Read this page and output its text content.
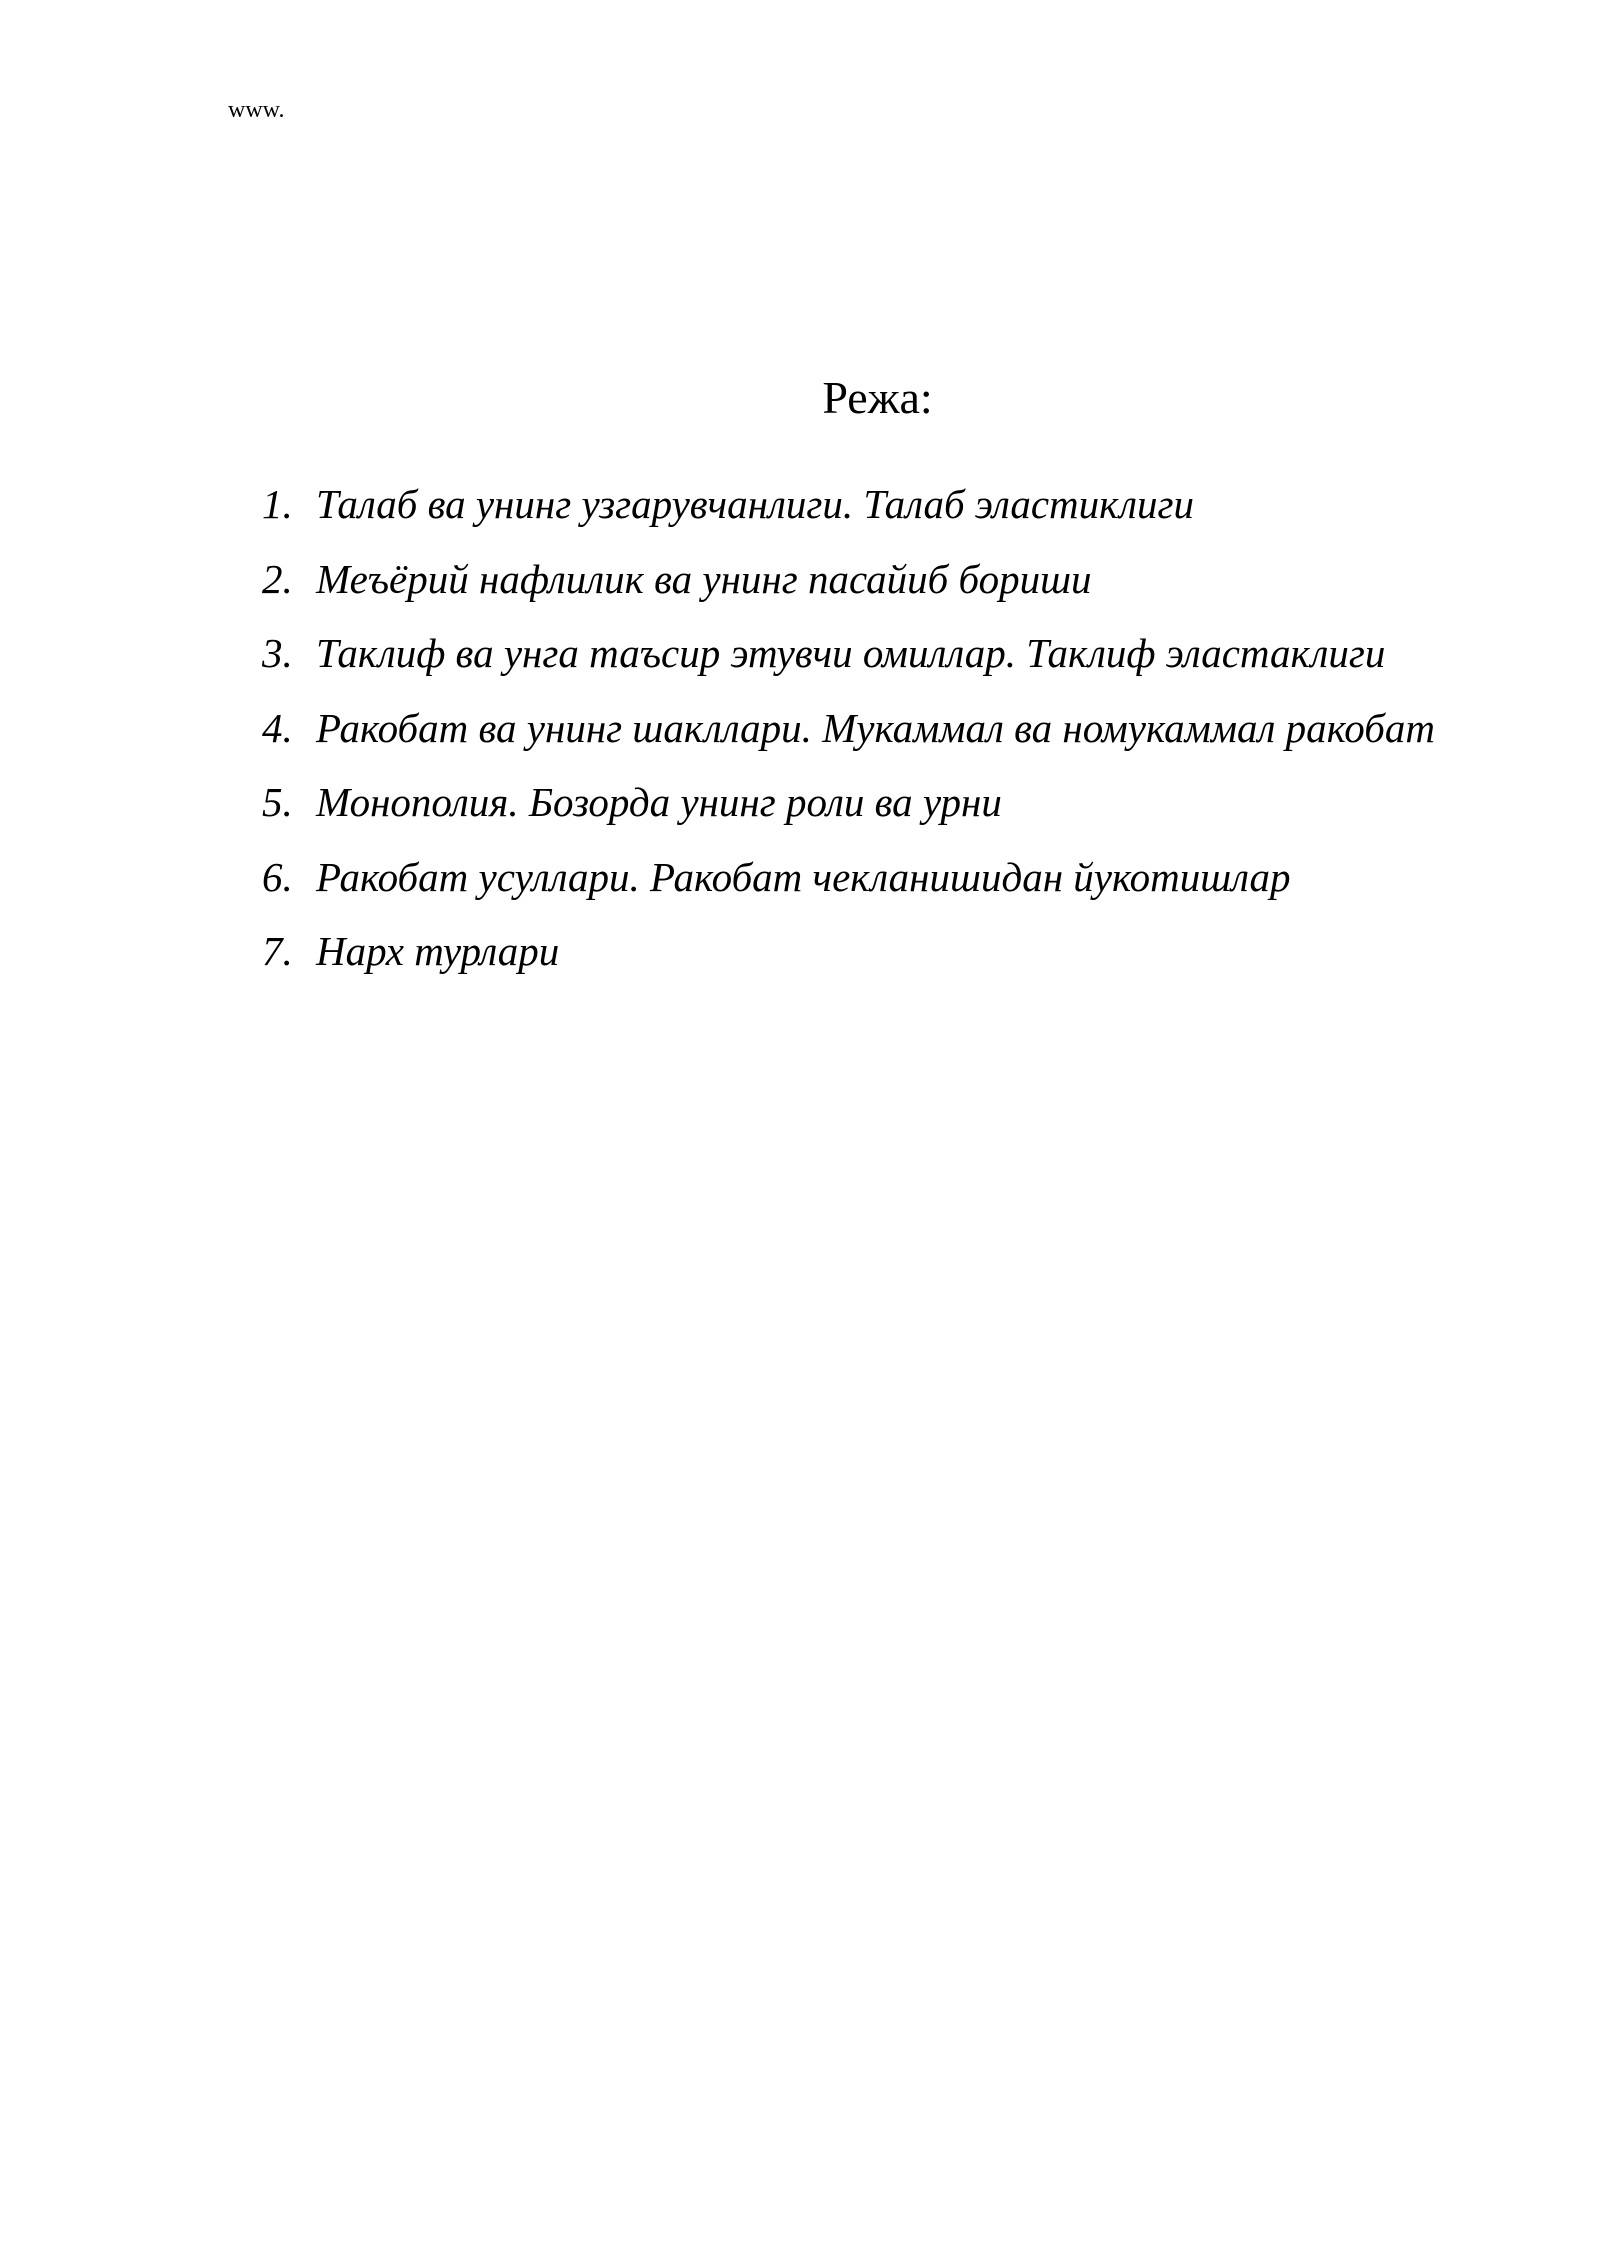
www.
Режа:
1. Талаб ва унинг узгарувчанлиги. Талаб эластиклиги
2. Меъёрий нафлилик ва унинг пасайиб бориши
3. Таклиф ва унга таъсир этувчи омиллар. Таклиф эластаклиги
4. Ракобат ва унинг шакллари. Мукаммал ва номукаммал ракобат
5. Монополия. Бозорда унинг роли ва урни
6. Ракобат усуллари. Ракобат чекланишидан йукотишлар
7. Нарх турлари
